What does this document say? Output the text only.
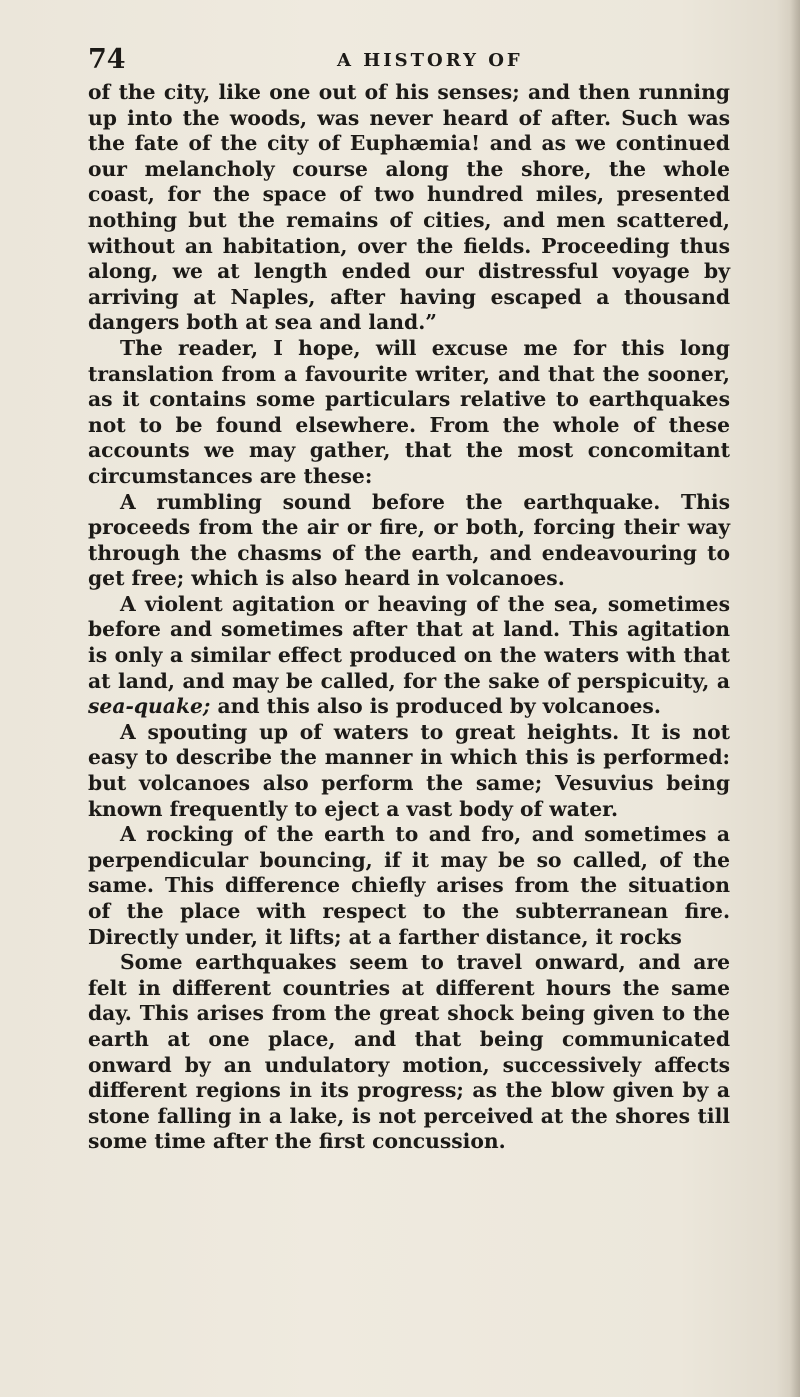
74	A HISTORY OF

of the city, like one out of his senses; and then running up into the woods, was never heard of after. Such was the fate of the city of Euphæmia! and as we continued our melancholy course along the shore, the whole coast, for the space of two hundred miles, presented nothing but the remains of cities, and men scattered, without an habitation, over the fields. Proceeding thus along, we at length ended our distressful voyage by arriving at Naples, after having escaped a thousand dangers both at sea and land.”

The reader, I hope, will excuse me for this long translation from a favourite writer, and that the sooner, as it contains some particulars relative to earthquakes not to be found elsewhere. From the whole of these accounts we may gather, that the most concomitant circumstances are these:

A rumbling sound before the earthquake. This proceeds from the air or fire, or both, forcing their way through the chasms of the earth, and endeavouring to get free; which is also heard in volcanoes.

A violent agitation or heaving of the sea, sometimes before and sometimes after that at land. This agitation is only a similar effect produced on the waters with that at land, and may be called, for the sake of perspicuity, a sea-quake; and this also is produced by volcanoes.

A spouting up of waters to great heights. It is not easy to describe the manner in which this is performed: but volcanoes also perform the same; Vesuvius being known frequently to eject a vast body of water.

A rocking of the earth to and fro, and sometimes a perpendicular bouncing, if it may be so called, of the same. This difference chiefly arises from the situation of the place with respect to the subterranean fire. Directly under, it lifts; at a farther distance, it rocks

Some earthquakes seem to travel onward, and are felt in different countries at different hours the same day. This arises from the great shock being given to the earth at one place, and that being communicated onward by an undulatory motion, successively affects different regions in its progress; as the blow given by a stone falling in a lake, is not perceived at the shores till some time after the first concussion.
